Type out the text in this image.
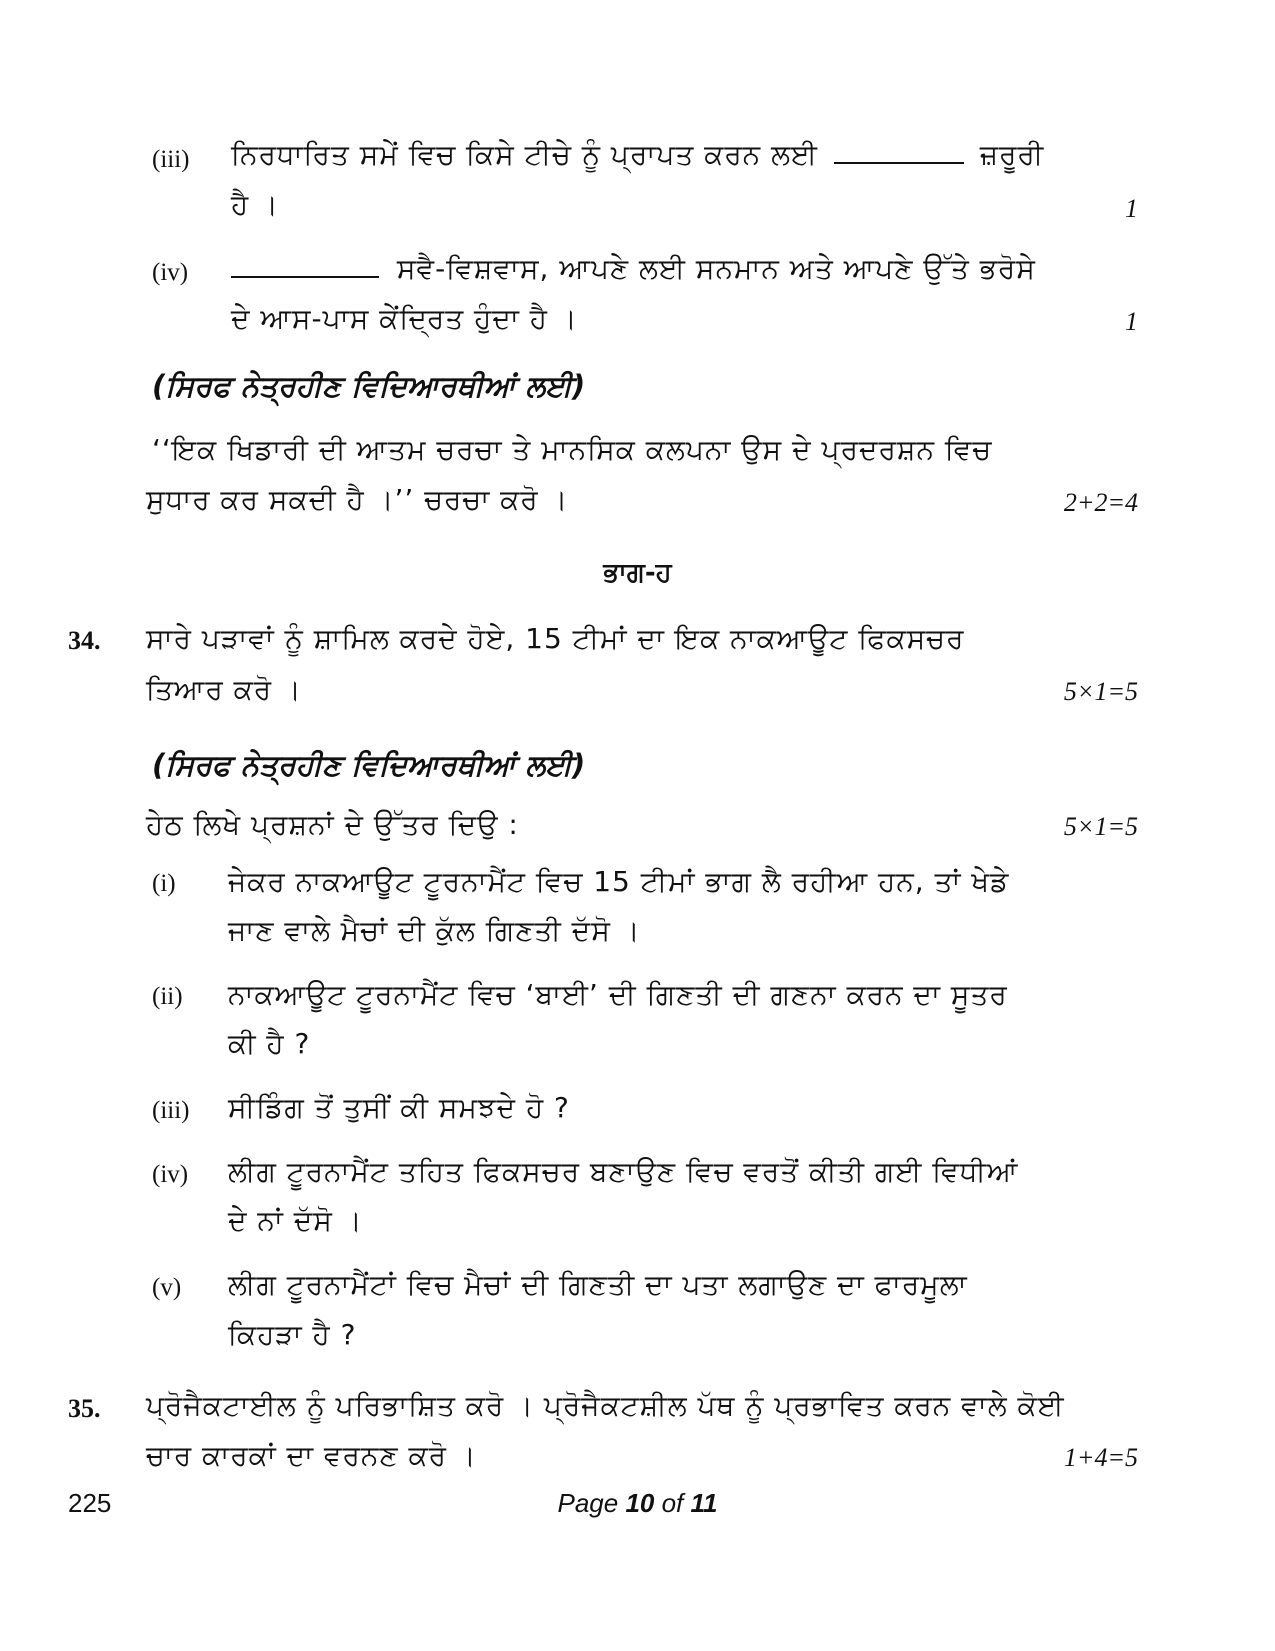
(iii) ਨਿਰਧਾਰਿਤ ਸਮੇਂ ਵਿਚ ਕਿਸੇ ਟੀਚੇ ਨੂੰ ਪ੍ਰਾਪਤ ਕਰਨ ਲਈ	ਜ਼ਰੂਰੀ
ਹੈ ।	1
(iv)	ਸਵੈ-ਵਿਸ਼ਵਾਸ, ਆਪਣੇ ਲਈ ਸਨਮਾਨ ਅਤੇ ਆਪਣੇ ਉੱਤੇ ਭਰੋਸੇ
ਦੇ ਆਸ-ਪਾਸ ਕੇਂਦ੍ਰਿਤ ਹੁੰਦਾ ਹੈ ।	1
(ਸਿਰਫ ਨੇਤ੍ਰਹੀਣ ਵਿਦਿਆਰਥੀਆਂ ਲਈ)
‘‘ਇਕ ਖਿਡਾਰੀ ਦੀ ਆਤਮ ਚਰਚਾ ਤੇ ਮਾਨਸਿਕ ਕਲਪਨਾ ਉਸ ਦੇ ਪ੍ਰਦਰਸ਼ਨ ਵਿਚ
ਸੁਧਾਰ ਕਰ ਸਕਦੀ ਹੈ ।’’ ਚਰਚਾ ਕਰੋ ।	2+2=4
ਭਾਗ-ਹ
34. ਸਾਰੇ ਪੜਾਵਾਂ ਨੂੰ ਸ਼ਾਮਿਲ ਕਰਦੇ ਹੋਏ, 15 ਟੀਮਾਂ ਦਾ ਇਕ ਨਾਕਆਊਟ ਫਿਕਸਚਰ
ਤਿਆਰ ਕਰੋ ।	5×1=5
(ਸਿਰਫ ਨੇਤ੍ਰਹੀਣ ਵਿਦਿਆਰਥੀਆਂ ਲਈ)
ਹੇਠ ਲਿਖੇ ਪ੍ਰਸ਼ਨਾਂ ਦੇ ਉੱਤਰ ਦਿਉ :	5×1=5
(i) ਜੇਕਰ ਨਾਕਆਊਟ ਟੂਰਨਾਮੈਂਟ ਵਿਚ 15 ਟੀਮਾਂ ਭਾਗ ਲੈ ਰਹੀਆ ਹਨ, ਤਾਂ ਖੇਡੇ
ਜਾਣ ਵਾਲੇ ਮੈਚਾਂ ਦੀ ਕੁੱਲ ਗਿਣਤੀ ਦੱਸੋ ।
(ii) ਨਾਕਆਊਟ ਟੂਰਨਾਮੈਂਟ ਵਿਚ ‘ਬਾਈ’ ਦੀ ਗਿਣਤੀ ਦੀ ਗਣਨਾ ਕਰਨ ਦਾ ਸੂਤਰ
ਕੀ ਹੈ ?
(iii) ਸੀਡਿੰਗ ਤੋਂ ਤੁਸੀਂ ਕੀ ਸਮਝਦੇ ਹੋ ?
(iv) ਲੀਗ ਟੂਰਨਾਮੈਂਟ ਤਹਿਤ ਫਿਕਸਚਰ ਬਣਾਉਣ ਵਿਚ ਵਰਤੋਂ ਕੀਤੀ ਗਈ ਵਿਧੀਆਂ
ਦੇ ਨਾਂ ਦੱਸੋ ।
(v) ਲੀਗ ਟੂਰਨਾਮੈਂਟਾਂ ਵਿਚ ਮੈਚਾਂ ਦੀ ਗਿਣਤੀ ਦਾ ਪਤਾ ਲਗਾਉਣ ਦਾ ਫਾਰਮੂਲਾ
ਕਿਹੜਾ ਹੈ ?
35. ਪ੍ਰੋਜੈਕਟਾਈਲ ਨੂੰ ਪਰਿਭਾਸ਼ਿਤ ਕਰੋ । ਪ੍ਰੋਜੈਕਟਸ਼ੀਲ ਪੱਥ ਨੂੰ ਪ੍ਰਭਾਵਿਤ ਕਰਨ ਵਾਲੇ ਕੋਈ
ਚਾਰ ਕਾਰਕਾਂ ਦਾ ਵਰਨਣ ਕਰੋ ।	1+4=5
225	Page 10 of 11
